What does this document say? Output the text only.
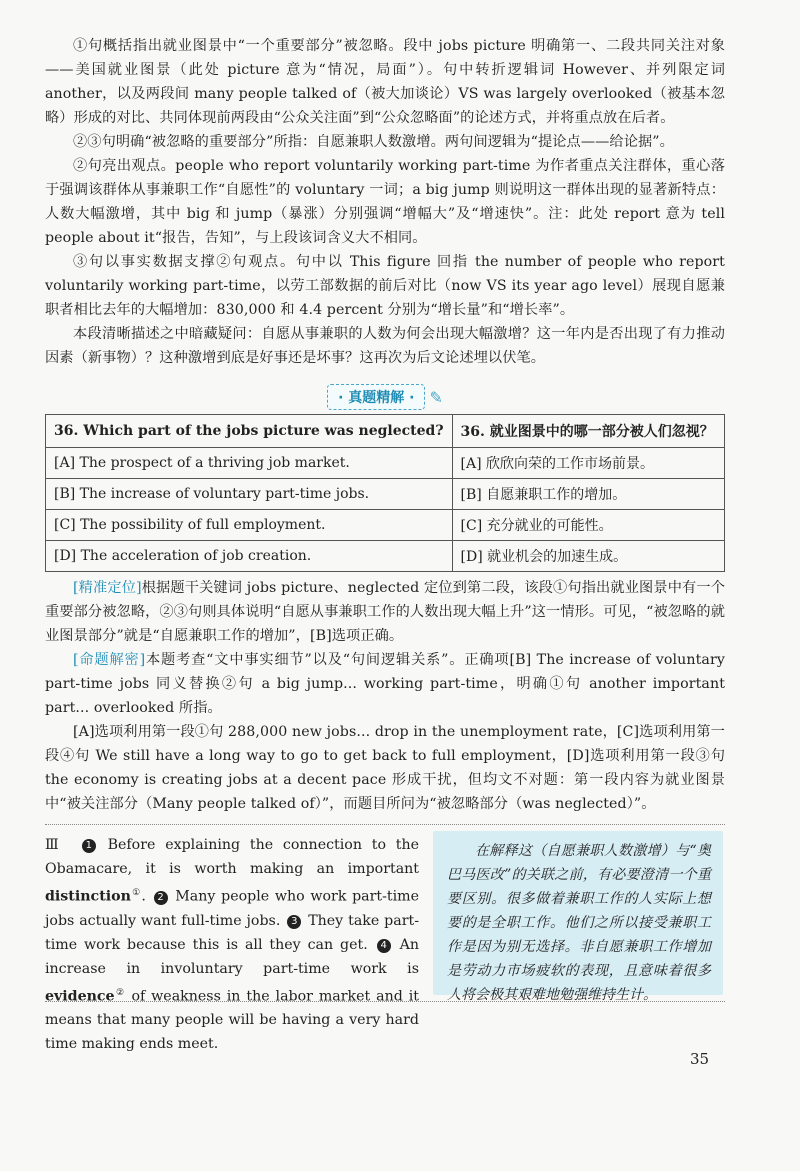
①句概括指出就业图景中“一个重要部分”被忽略。段中 jobs picture 明确第一、二段共同关注对象——美国就业图景（此处 picture 意为“情况，局面”）。句中转折逻辑词 However、并列限定词 another，以及两段间 many people talked of（被大加谈论）VS was largely overlooked（被基本忽略）形成的对比、共同体现前两段由“公众关注面”到“公众忽略面”的论述方式，并将重点放在后者。

②③句明确“被忽略的重要部分”所指：自愿兼职人数激增。两句间逻辑为“提论点——给论据”。

②句亮出观点。people who report voluntarily working part-time 为作者重点关注群体，重心落于强调该群体从事兼职工作“自愿性”的 voluntary 一词；a big jump 则说明这一群体出现的显著新特点：人数大幅激增，其中 big 和 jump（暴涨）分别强调“增幅大”及“增速快”。注：此处 report 意为 tell people about it“报告，告知”，与上段该词含义大不相同。

③句以事实数据支撑②句观点。句中以 This figure 回指 the number of people who report voluntarily working part-time，以劳工部数据的前后对比（now VS its year ago level）展现自愿兼职者相比去年的大幅增加：830,000 和 4.4 percent 分别为“增长量”和“增长率”。

本段清晰描述之中暗藏疑问：自愿从事兼职的人数为何会出现大幅激增？这一年内是否出现了有力推动因素（新事物）？这种激增到底是好事还是坏事？这再次为后文论述埋以伏笔。

· 真题精解 · ✎
36. Which part of the jobs picture was neglected?	36. 就业图景中的哪一部分被人们忽视？
[A] The prospect of a thriving job market.	[A] 欣欣向荣的工作市场前景。
[B] The increase of voluntary part-time jobs.	[B] 自愿兼职工作的增加。
[C] The possibility of full employment.	[C] 充分就业的可能性。
[D] The acceleration of job creation.	[D] 就业机会的加速生成。

[精准定位]根据题干关键词 jobs picture、neglected 定位到第二段，该段①句指出就业图景中有一个重要部分被忽略，②③句则具体说明“自愿从事兼职工作的人数出现大幅上升”这一情形。可见，“被忽略的就业图景部分”就是“自愿兼职工作的增加”，[B]选项正确。

[命题解密]本题考查“文中事实细节”以及“句间逻辑关系”。正确项[B] The increase of voluntary part-time jobs 同义替换②句 a big jump... working part-time，明确①句 another important part... overlooked 所指。

[A]选项利用第一段①句 288,000 new jobs... drop in the unemployment rate，[C]选项利用第一段④句 We still have a long way to go to get back to full employment，[D]选项利用第一段③句 the economy is creating jobs at a decent pace 形成干扰，但均文不对题：第一段内容为就业图景中“被关注部分（Many people talked of）”，而题目所问为“被忽略部分（was neglected）”。

Ⅲ 1 Before explaining the connection to the Obamacare, it is worth making an important distinction①. 2 Many people who work part-time jobs actually want full-time jobs. 3 They take part-time work because this is all they can get. 4 An increase in involuntary part-time work is evidence② of weakness in the labor market and it means that many people will be having a very hard time making ends meet.

在解释这（自愿兼职人数激增）与“奥巴马医改”的关联之前，有必要澄清一个重要区别。很多做着兼职工作的人实际上想要的是全职工作。他们之所以接受兼职工作是因为别无选择。非自愿兼职工作增加是劳动力市场疲软的表现，且意味着很多人将会极其艰难地勉强维持生计。

35
